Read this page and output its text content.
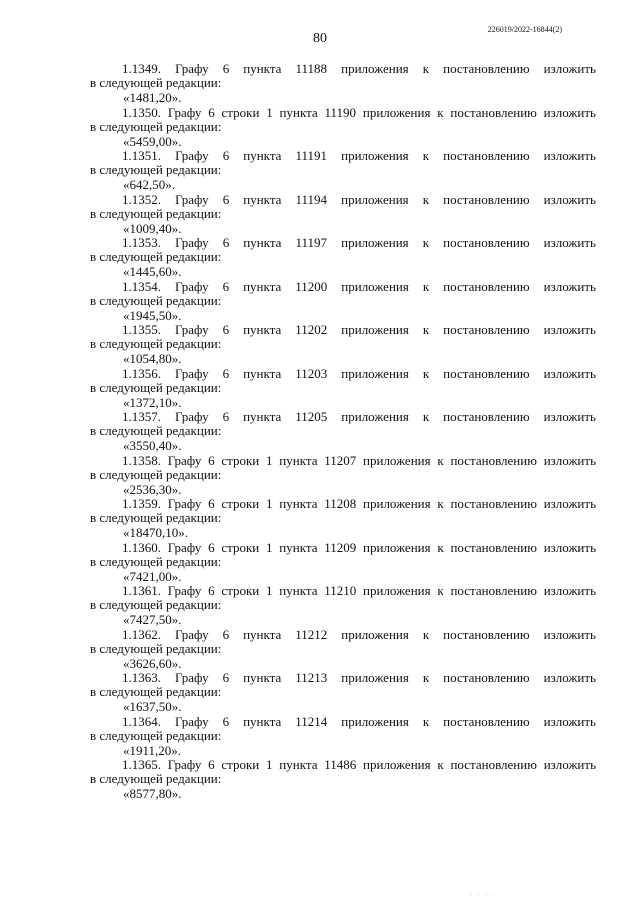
80
226019/2022-16844(2)
1.1349. Графу 6 пункта 11188 приложения к постановлению изложить
в следующей редакции:
«1481,20».
1.1350. Графу 6 строки 1 пункта 11190 приложения к постановлению изложить
в следующей редакции:
«5459,00».
1.1351. Графу 6 пункта 11191 приложения к постановлению изложить
в следующей редакции:
«642,50».
1.1352. Графу 6 пункта 11194 приложения к постановлению изложить
в следующей редакции:
«1009,40».
1.1353. Графу 6 пункта 11197 приложения к постановлению изложить
в следующей редакции:
«1445,60».
1.1354. Графу 6 пункта 11200 приложения к постановлению изложить
в следующей редакции:
«1945,50».
1.1355. Графу 6 пункта 11202 приложения к постановлению изложить
в следующей редакции:
«1054,80».
1.1356. Графу 6 пункта 11203 приложения к постановлению изложить
в следующей редакции:
«1372,10».
1.1357. Графу 6 пункта 11205 приложения к постановлению изложить
в следующей редакции:
«3550,40».
1.1358. Графу 6 строки 1 пункта 11207 приложения к постановлению изложить
в следующей редакции:
«2536,30».
1.1359. Графу 6 строки 1 пункта 11208 приложения к постановлению изложить
в следующей редакции:
«18470,10».
1.1360. Графу 6 строки 1 пункта 11209 приложения к постановлению изложить
в следующей редакции:
«7421,00».
1.1361. Графу 6 строки 1 пункта 11210 приложения к постановлению изложить
в следующей редакции:
«7427,50».
1.1362. Графу 6 пункта 11212 приложения к постановлению изложить
в следующей редакции:
«3626,60».
1.1363. Графу 6 пункта 11213 приложения к постановлению изложить
в следующей редакции:
«1637,50».
1.1364. Графу 6 пункта 11214 приложения к постановлению изложить
в следующей редакции:
«1911,20».
1.1365. Графу 6 строки 1 пункта 11486 приложения к постановлению изложить
в следующей редакции:
«8577,80».
· · · ·
